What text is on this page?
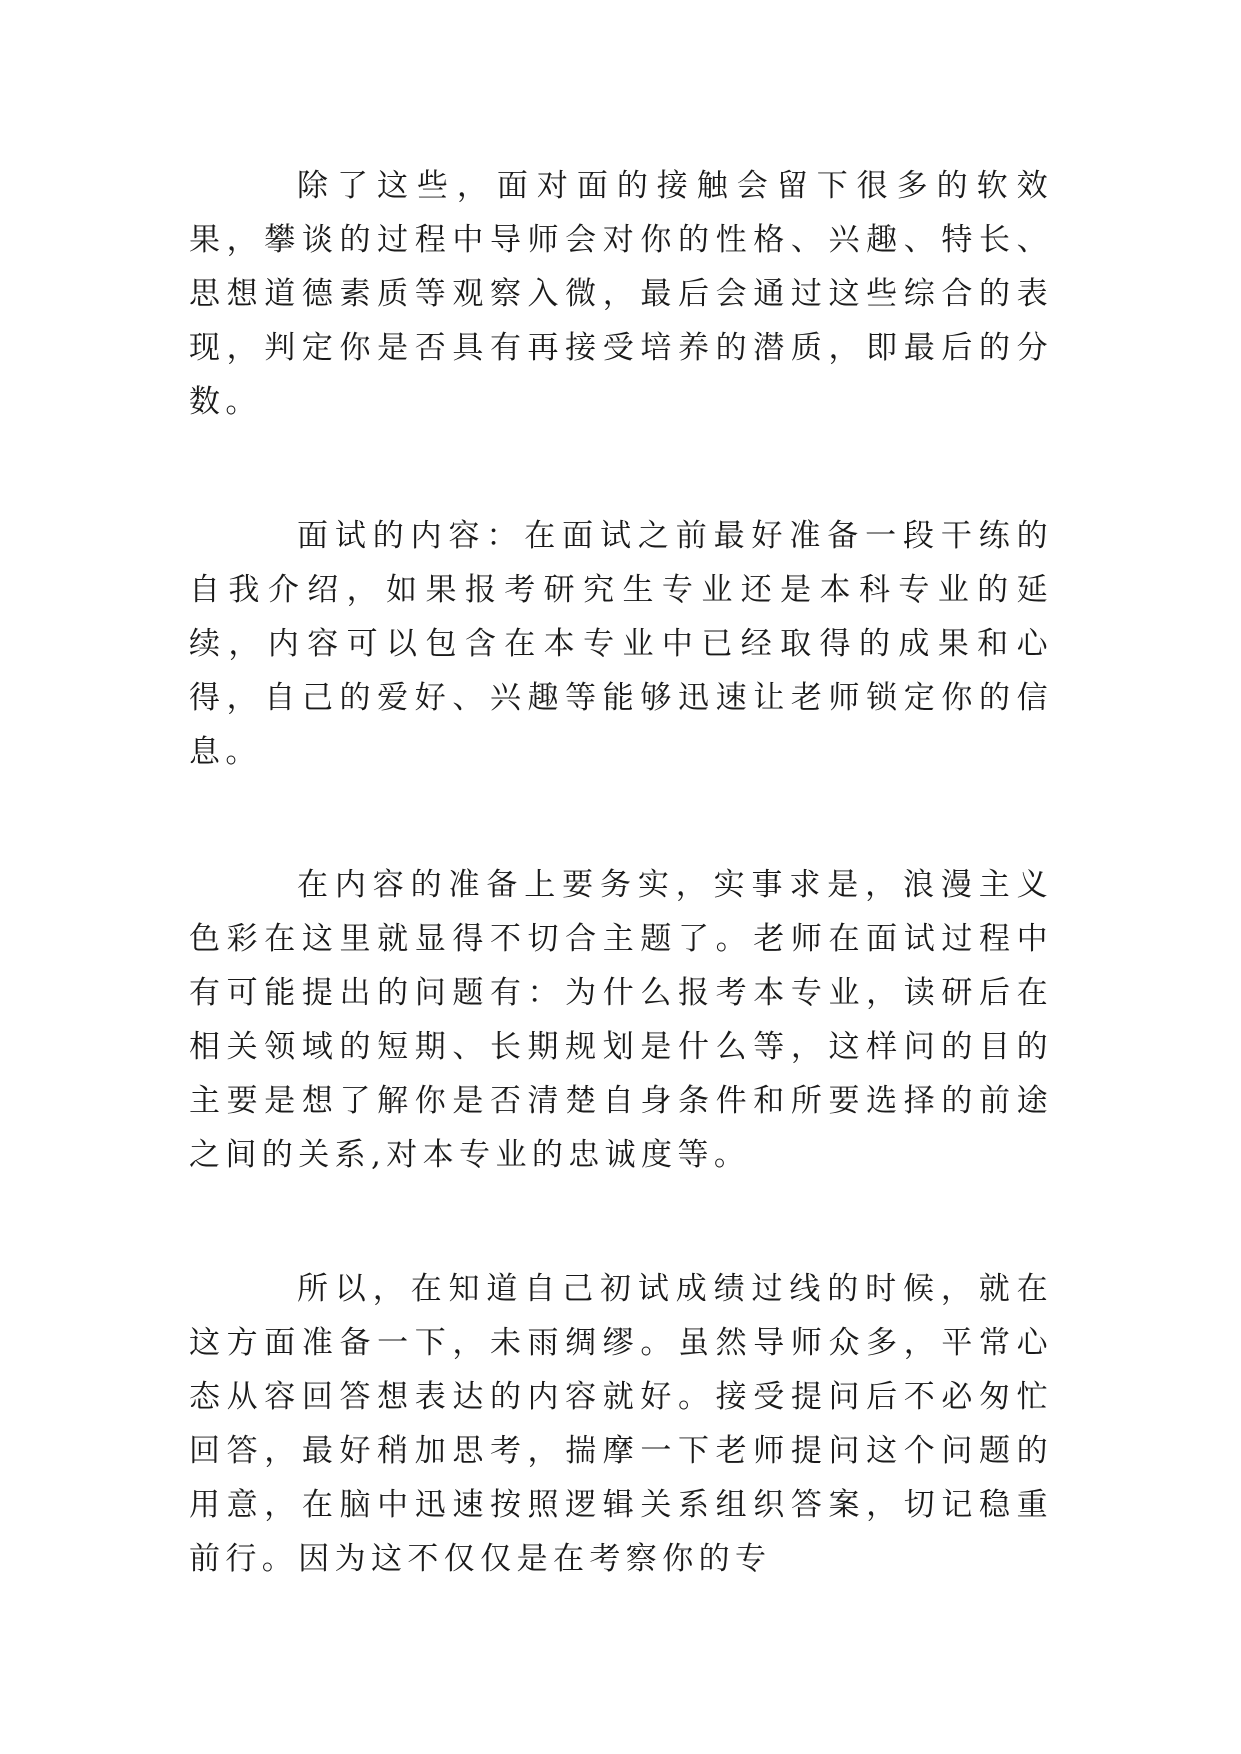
除了这些，面对面的接触会留下很多的软效果，攀谈的过程中导师会对你的性格、兴趣、特长、思想道德素质等观察入微，最后会通过这些综合的表现，判定你是否具有再接受培养的潜质，即最后的分数。

面试的内容：在面试之前最好准备一段干练的自我介绍，如果报考研究生专业还是本科专业的延续，内容可以包含在本专业中已经取得的成果和心得，自己的爱好、兴趣等能够迅速让老师锁定你的信息。

在内容的准备上要务实，实事求是，浪漫主义色彩在这里就显得不切合主题了。老师在面试过程中有可能提出的问题有：为什么报考本专业，读研后在相关领域的短期、长期规划是什么等，这样问的目的主要是想了解你是否清楚自身条件和所要选择的前途之间的关系,对本专业的忠诚度等。

所以，在知道自己初试成绩过线的时候，就在这方面准备一下，未雨绸缪。虽然导师众多，平常心态从容回答想表达的内容就好。接受提问后不必匆忙回答，最好稍加思考，揣摩一下老师提问这个问题的用意，在脑中迅速按照逻辑关系组织答案，切记稳重前行。因为这不仅仅是在考察你的专
